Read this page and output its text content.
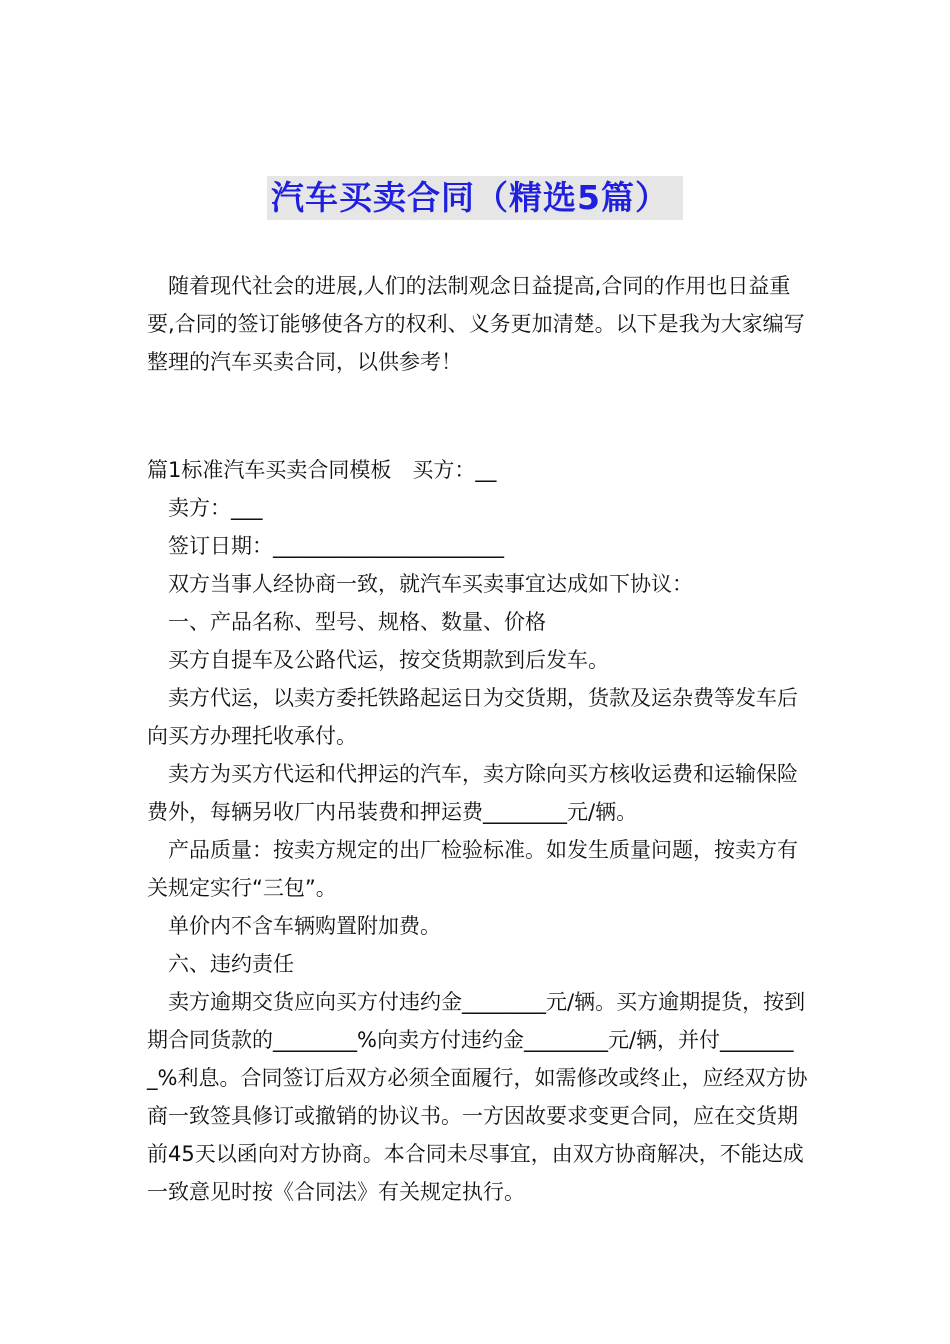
汽车买卖合同（精选5篇）

随着现代社会的进展,人们的法制观念日益提高,合同的作用也日益重要,合同的签订能够使各方的权利、义务更加清楚。以下是我为大家编写整理的汽车买卖合同，以供参考！

篇1标准汽车买卖合同模板　买方：__

卖方：___

签订日期：______________________

双方当事人经协商一致，就汽车买卖事宜达成如下协议：

一、产品名称、型号、规格、数量、价格

买方自提车及公路代运，按交货期款到后发车。

卖方代运，以卖方委托铁路起运日为交货期，货款及运杂费等发车后向买方办理托收承付。

卖方为买方代运和代押运的汽车，卖方除向买方核收运费和运输保险费外，每辆另收厂内吊装费和押运费________元/辆。

产品质量：按卖方规定的出厂检验标准。如发生质量问题，按卖方有关规定实行“三包”。

单价内不含车辆购置附加费。

六、违约责任

卖方逾期交货应向买方付违约金________元/辆。买方逾期提货，按到期合同货款的________%向卖方付违约金________元/辆，并付________%利息。合同签订后双方必须全面履行，如需修改或终止，应经双方协商一致签具修订或撤销的协议书。一方因故要求变更合同，应在交货期前45天以函向对方协商。本合同未尽事宜，由双方协商解决，不能达成一致意见时按《合同法》有关规定执行。
